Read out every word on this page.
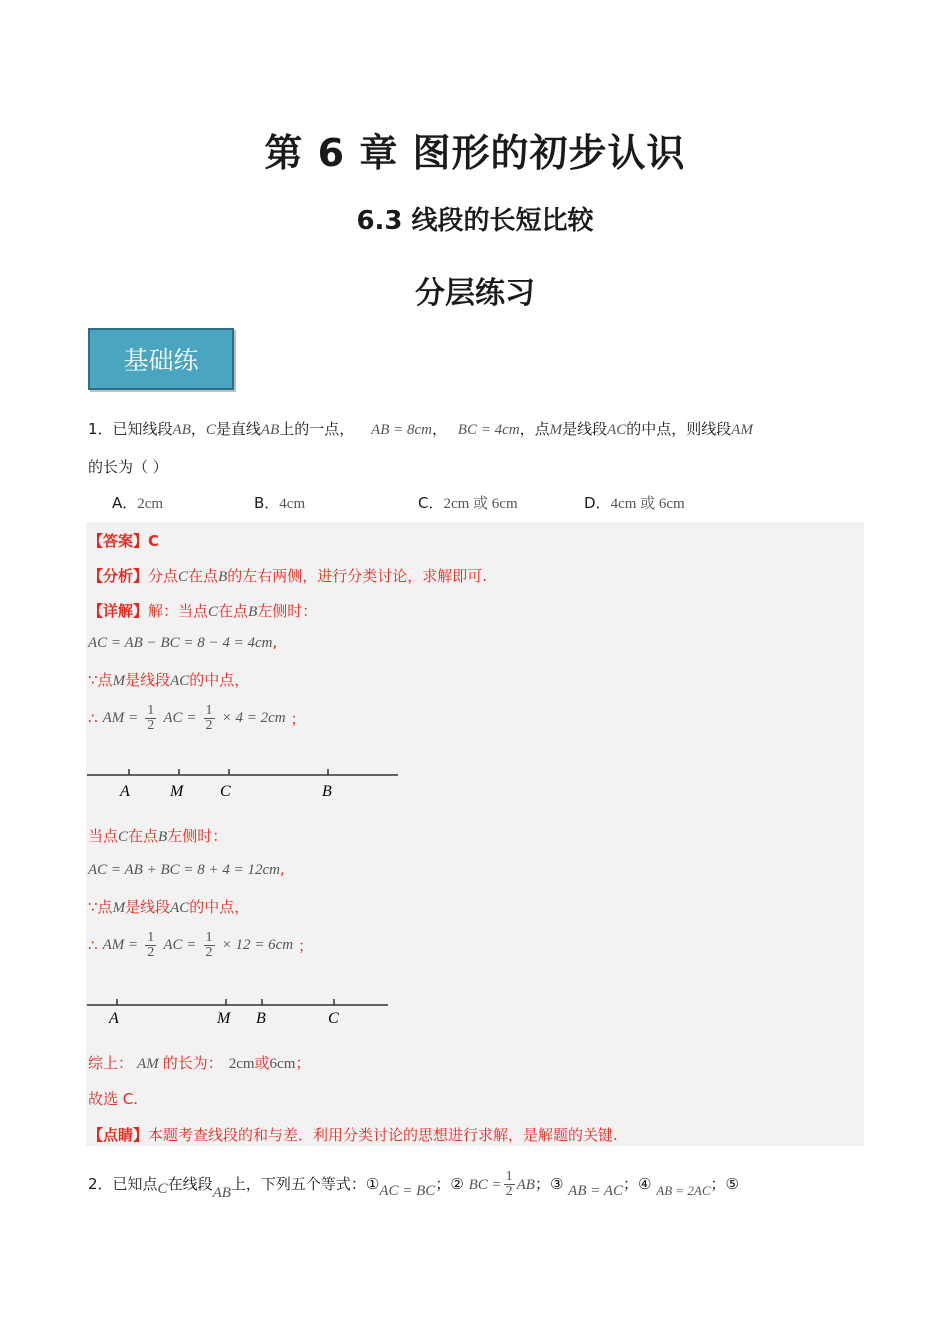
第 6 章 图形的初步认识
6.3 线段的长短比较
分层练习
基础练
1．已知线段AB，C是直线AB上的一点， AB = 8cm， BC = 4cm，点M是线段AC的中点，则线段AM
的长为（ ）
A．2cm	B．4cm	C．2cm 或 6cm	D．4cm 或 6cm
【答案】C
【分析】分点C在点B的左右两侧，进行分类讨论，求解即可.
【详解】解：当点C在点B左侧时：
AC = AB − BC = 8 − 4 = 4cm,
∵点M是线段AC的中点，
∴ AM = $\frac{1}{2}$ AC = $\frac{1}{2} \times 4 = 2cm$ ；
A	M C	B
当点C在点B左侧时：
AC = AB + BC = 8 + 4 = 12cm,
∵点M是线段AC的中点，
∴ AM = $\frac{1}{2}$ AC = $\frac{1}{2} \times 12 = 6cm$ ；
A	M B	C
综上： AM 的长为： 2cm或6cm；
故选 C.
【点睛】本题考查线段的和与差．利用分类讨论的思想进行求解，是解题的关键.
2．已知点C在线段AB上，下列五个等式：①AC = BC；② BC = $\frac{1}{2}$ AB；③ AB = AC；④ AB = 2AC；⑤
